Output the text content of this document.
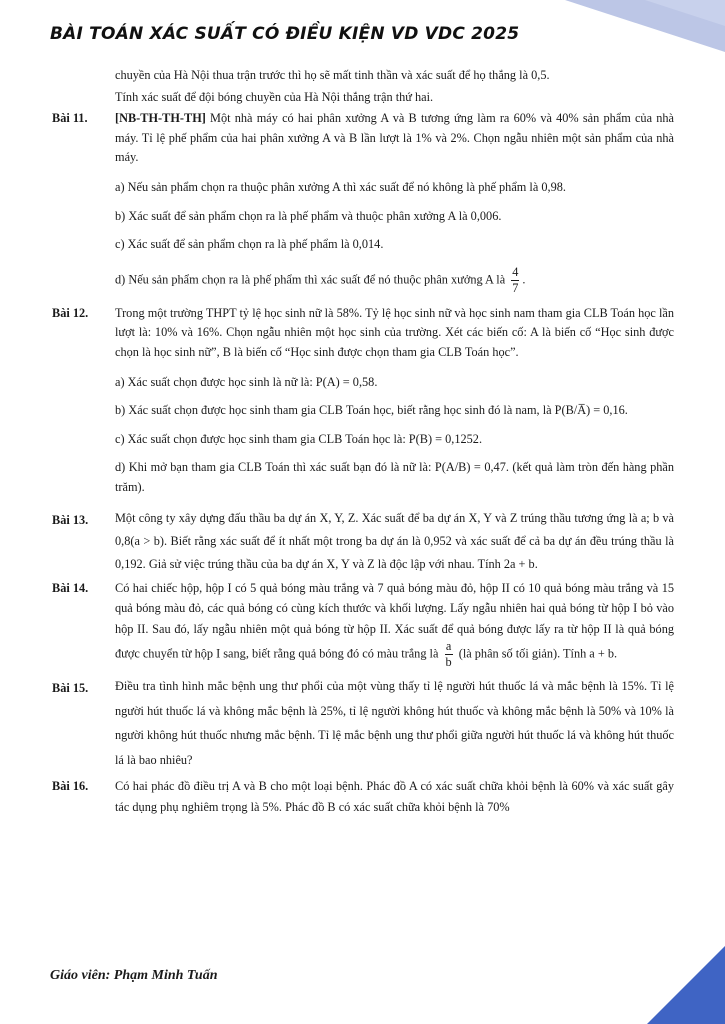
BÀI TOÁN XÁC SUẤT CÓ ĐIỀU KIỆN VD VDC 2025

chuyền của Hà Nội thua trận trước thì họ sẽ mất tinh thần và xác suất để họ thắng là 0,5.

Tính xác suất để đội bóng chuyền của Hà Nội thắng trận thứ hai.

Bài 11. [NB-TH-TH-TH] Một nhà máy có hai phân xưởng A và B tương ứng làm ra 60% và 40% sản phẩm của nhà máy. Tỉ lệ phế phẩm của hai phân xưởng A và B lần lượt là 1% và 2%. Chọn ngẫu nhiên một sản phẩm của nhà máy.

a) Nếu sản phẩm chọn ra thuộc phân xưởng A thì xác suất để nó không là phế phẩm là 0,98.

b) Xác suất để sản phẩm chọn ra là phế phẩm và thuộc phân xưởng A là 0,006.

c) Xác suất để sản phẩm chọn ra là phế phẩm là 0,014.

d) Nếu sản phẩm chọn ra là phế phẩm thì xác suất để nó thuộc phân xưởng A là $\frac{4}{7}$ .

Bài 12. Trong một trường THPT tỷ lệ học sinh nữ là 58%. Tỷ lệ học sinh nữ và học sinh nam tham gia CLB Toán học lần lượt là: 10% và 16%. Chọn ngẫu nhiên một học sinh của trường. Xét các biến cố: A là biến cố “Học sinh được chọn là học sinh nữ”, B là biến cố “Học sinh được chọn tham gia CLB Toán học”.

a) Xác suất chọn được học sinh là nữ là: P(A) = 0,58.

b) Xác suất chọn được học sinh tham gia CLB Toán học, biết rằng học sinh đó là nam, là P(B/A̅) = 0,16.

c) Xác suất chọn được học sinh tham gia CLB Toán học là: P(B) = 0,1252.

d) Khi mở bạn tham gia CLB Toán thì xác suất bạn đó là nữ là: P(A/B) = 0,47. (kết quả làm tròn đến hàng phần trăm).

Bài 13. Một công ty xây dựng đấu thầu ba dự án X, Y, Z. Xác suất để ba dự án X, Y và Z trúng thầu tương ứng là a; b và 0,8(a > b). Biết rằng xác suất để ít nhất một trong ba dự án là 0,952 và xác suất để cả ba dự án đều trúng thầu là 0,192. Giả sử việc trúng thầu của ba dự án X, Y và Z là độc lập với nhau. Tính 2a + b.

Bài 14. Có hai chiếc hộp, hộp I có 5 quả bóng màu trắng và 7 quả bóng màu đỏ, hộp II có 10 quả bóng màu trắng và 15 quả bóng màu đỏ, các quả bóng có cùng kích thước và khối lượng. Lấy ngẫu nhiên hai quả bóng từ hộp I bỏ vào hộp II. Sau đó, lấy ngẫu nhiên một quả bóng từ hộp II. Xác suất để quả bóng được lấy ra từ hộp II là quả bóng được chuyển từ hộp I sang, biết rằng quả bóng đó có màu trắng là $\frac{a}{b}$ (là phân số tối giản). Tính a + b.

Bài 15. Điều tra tình hình mắc bệnh ung thư phổi của một vùng thấy tỉ lệ người hút thuốc lá và mắc bệnh là 15%. Tỉ lệ người hút thuốc lá và không mắc bệnh là 25%, tỉ lệ người không hút thuốc và không mắc bệnh là 50% và 10% là người không hút thuốc nhưng mắc bệnh. Tỉ lệ mắc bệnh ung thư phổi giữa người hút thuốc lá và không hút thuốc lá là bao nhiêu?

Bài 16. Có hai phác đồ điều trị A và B cho một loại bệnh. Phác đồ A có xác suất chữa khỏi bệnh là 60% và xác suất gây tác dụng phụ nghiêm trọng là 5%. Phác đồ B có xác suất chữa khỏi bệnh là 70%

Giáo viên: Phạm Minh Tuấn	4
